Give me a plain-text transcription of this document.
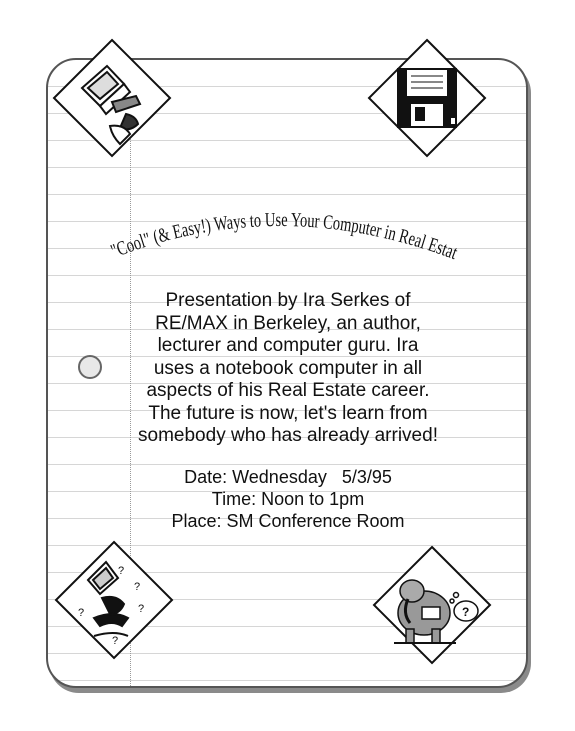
Cool" (& Easy!) Ways to Use Your Computer in Real Esta
Presentation by Ira Serkes of
RE/MAX in Berkeley, an author,
lecturer and computer guru. Ira
uses a notebook computer in all
aspects of his Real Estate career.
The future is now, let's learn from
somebody who has already arrived!
Date: Wednesday   5/3/95
Time: Noon to 1pm
Place: SM Conference Room
?
?
?
?
?
?
